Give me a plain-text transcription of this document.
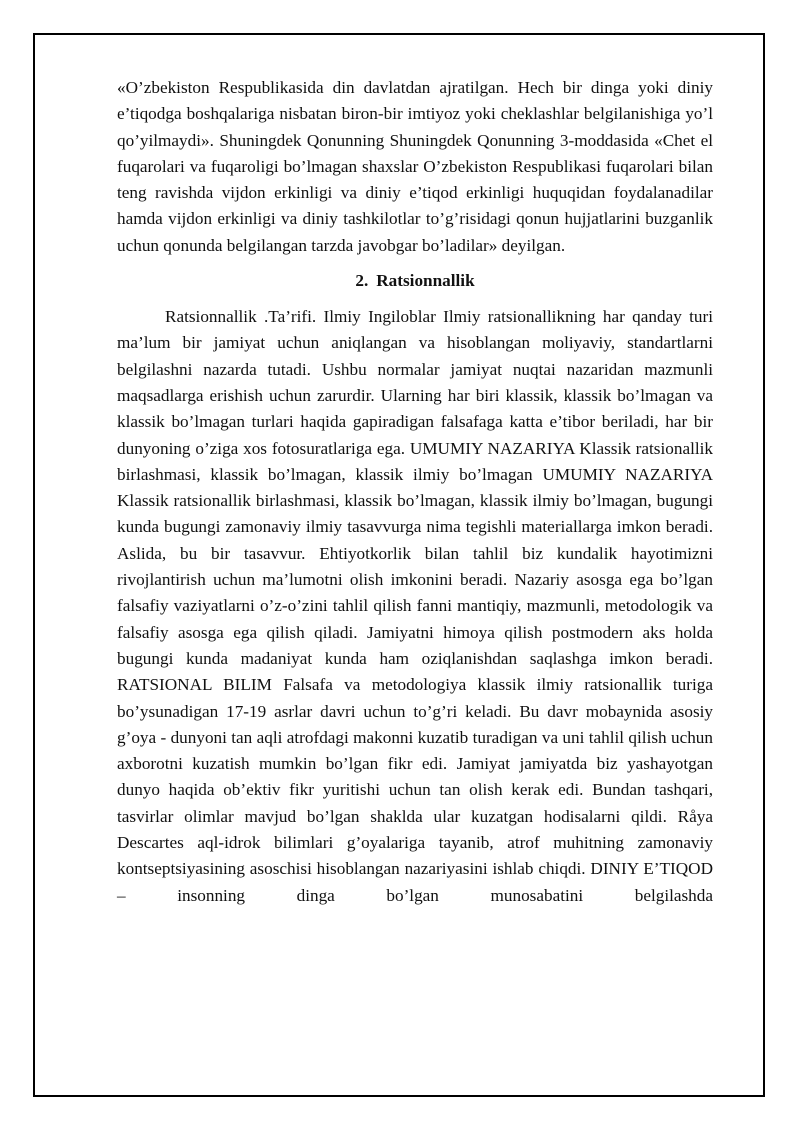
«O’zbekiston Respublikasida din davlatdan ajratilgan. Hech bir dinga yoki diniy e’tiqodga boshqalariga nisbatan biron-bir imtiyoz yoki cheklashlar belgilanishiga yo’l qo’yilmaydi». Shuningdek Qonunning Shuningdek Qonunning 3-moddasida «Chet el fuqarolari va fuqaroligi bo’lmagan shaxslar O’zbekiston Respublikasi fuqarolari bilan teng ravishda vijdon erkinligi va diniy e’tiqod erkinligi huquqidan foydalanadilar hamda vijdon erkinligi va diniy tashkilotlar to’g’risidagi qonun hujjatlarini buzganlik uchun qonunda belgilangan tarzda javobgar bo’ladilar» deyilgan.

2. Ratsionnallik

Ratsionnallik .Ta’rifi. Ilmiy Ingiloblar Ilmiy ratsionallikning har qanday turi ma’lum bir jamiyat uchun aniqlangan va hisoblangan moliyaviy, standartlarni belgilashni nazarda tutadi. Ushbu normalar jamiyat nuqtai nazaridan mazmunli maqsadlarga erishish uchun zarurdir. Ularning har biri klassik, klassik bo’lmagan va klassik bo’lmagan turlari haqida gapiradigan falsafaga katta e’tibor beriladi, har bir dunyoning o’ziga xos fotosuratlariga ega. UMUMIY NAZARIYA Klassik ratsionallik birlashmasi, klassik bo’lmagan, klassik ilmiy bo’lmagan UMUMIY NAZARIYA Klassik ratsionallik birlashmasi, klassik bo’lmagan, klassik ilmiy bo’lmagan, bugungi kunda bugungi zamonaviy ilmiy tasavvurga nima tegishli materiallarga imkon beradi. Aslida, bu bir tasavvur. Ehtiyotkorlik bilan tahlil biz kundalik hayotimizni rivojlantirish uchun ma’lumotni olish imkonini beradi. Nazariy asosga ega bo’lgan falsafiy vaziyatlarni o’z-o’zini tahlil qilish fanni mantiqiy, mazmunli, metodologik va falsafiy asosga ega qilish qiladi. Jamiyatni himoya qilish postmodern aks holda bugungi kunda madaniyat kunda ham oziqlanishdan saqlashga imkon beradi. RATSIONAL BILIM Falsafa va metodologiya klassik ilmiy ratsionallik turiga bo’ysunadigan 17-19 asrlar davri uchun to’g’ri keladi. Bu davr mobaynida asosiy g’oya - dunyoni tan aqli atrofdagi makonni kuzatib turadigan va uni tahlil qilish uchun axborotni kuzatish mumkin bo’lgan fikr edi. Jamiyat jamiyatda biz yashayotgan dunyo haqida ob’ektiv fikr yuritishi uchun tan olish kerak edi. Bundan tashqari, tasvirlar olimlar mavjud bo’lgan shaklda ular kuzatgan hodisalarni qildi. Råya Descartes aql-idrok bilimlari g’oyalariga tayanib, atrof muhitning zamonaviy kontseptsiyasining asoschisi hisoblangan nazariyasini ishlab chiqdi. DINIY E’TIQOD – insonning dinga bo’lgan munosabatini belgilashda
